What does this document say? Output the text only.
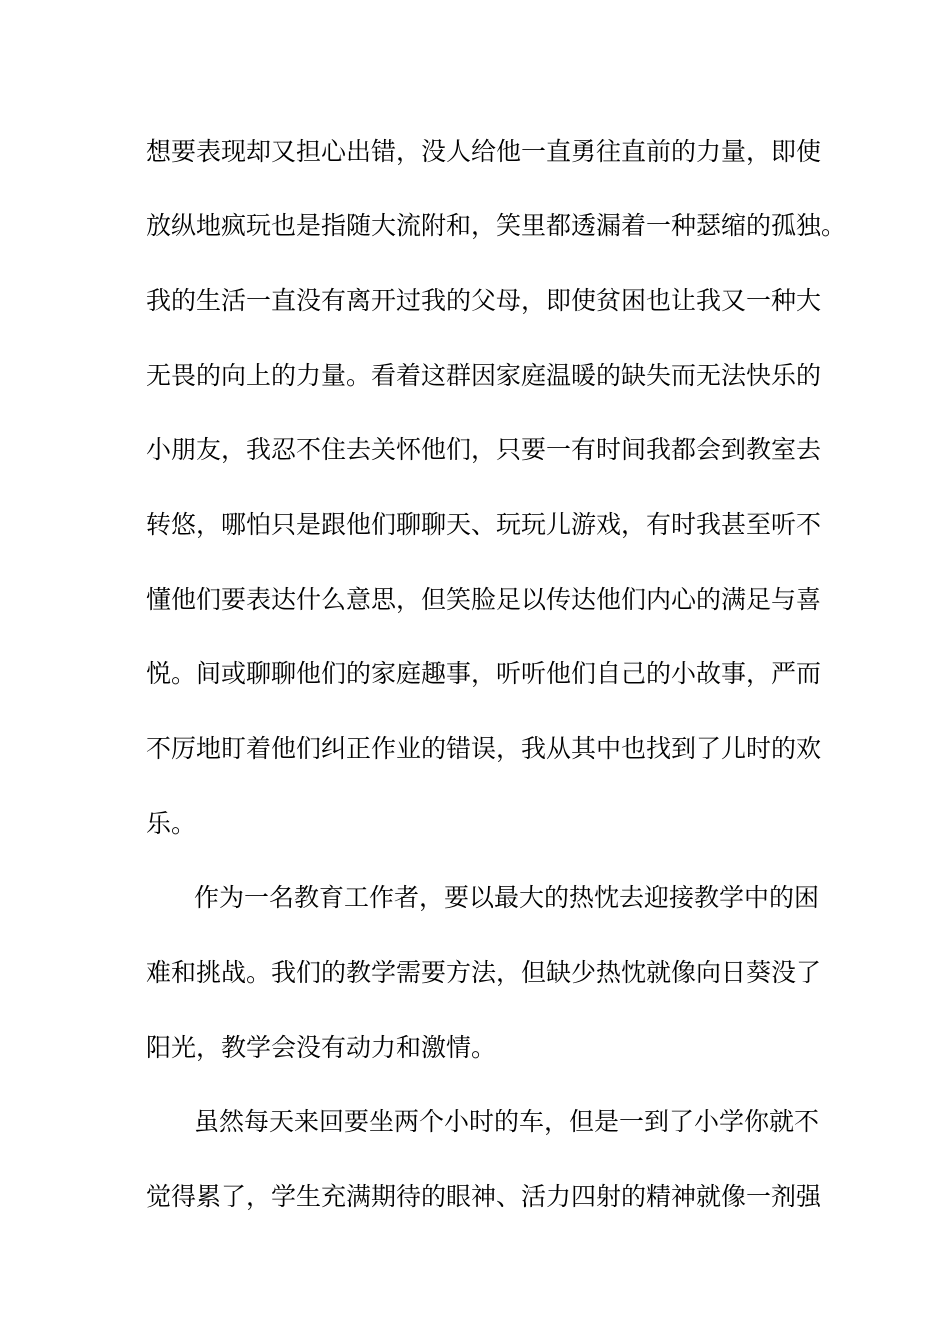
想要表现却又担心出错，没人给他一直勇往直前的力量，即使
放纵地疯玩也是指随大流附和，笑里都透漏着一种瑟缩的孤独。
我的生活一直没有离开过我的父母，即使贫困也让我又一种大
无畏的向上的力量。看着这群因家庭温暖的缺失而无法快乐的
小朋友，我忍不住去关怀他们，只要一有时间我都会到教室去
转悠，哪怕只是跟他们聊聊天、玩玩儿游戏，有时我甚至听不
懂他们要表达什么意思，但笑脸足以传达他们内心的满足与喜
悦。间或聊聊他们的家庭趣事，听听他们自己的小故事，严而
不厉地盯着他们纠正作业的错误，我从其中也找到了儿时的欢
乐。
作为一名教育工作者，要以最大的热忱去迎接教学中的困
难和挑战。我们的教学需要方法，但缺少热忱就像向日葵没了
阳光，教学会没有动力和激情。
虽然每天来回要坐两个小时的车，但是一到了小学你就不
觉得累了，学生充满期待的眼神、活力四射的精神就像一剂强
